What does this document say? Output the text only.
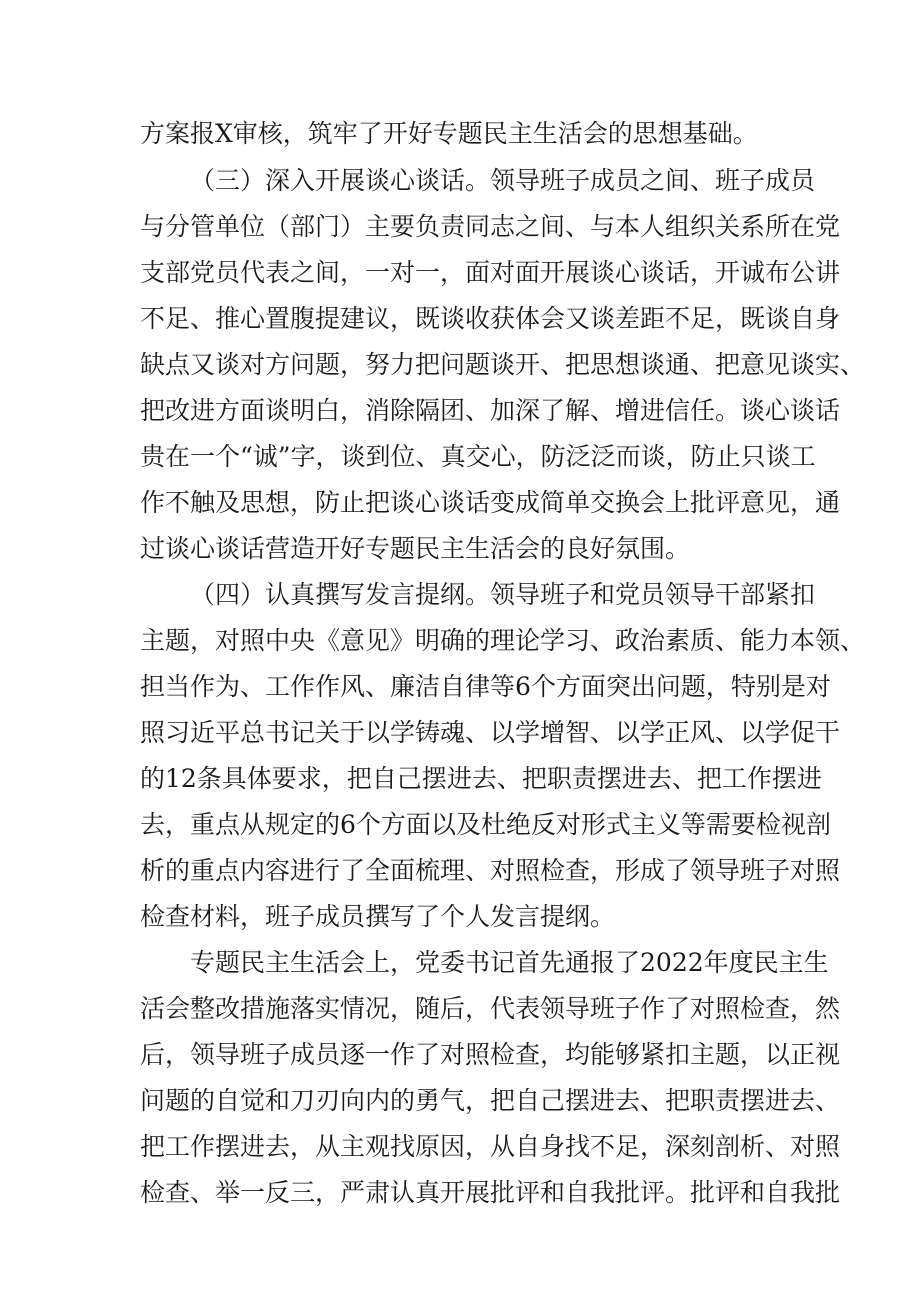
方案报X审核，筑牢了开好专题民主生活会的思想基础。
（三）深入开展谈心谈话。领导班子成员之间、班子成员
与分管单位（部门）主要负责同志之间、与本人组织关系所在党
支部党员代表之间，一对一，面对面开展谈心谈话，开诚布公讲
不足、推心置腹提建议，既谈收获体会又谈差距不足，既谈自身
缺点又谈对方问题，努力把问题谈开、把思想谈通、把意见谈实、
把改进方面谈明白，消除隔团、加深了解、增进信任。谈心谈话
贵在一个“诚”字，谈到位、真交心，防泛泛而谈，防止只谈工
作不触及思想，防止把谈心谈话变成简单交换会上批评意见，通
过谈心谈话营造开好专题民主生活会的良好氛围。
（四）认真撰写发言提纲。领导班子和党员领导干部紧扣
主题，对照中央《意见》明确的理论学习、政治素质、能力本领、
担当作为、工作作风、廉洁自律等6个方面突出问题，特别是对
照习近平总书记关于以学铸魂、以学增智、以学正风、以学促干
的12条具体要求，把自己摆进去、把职责摆进去、把工作摆进
去，重点从规定的6个方面以及杜绝反对形式主义等需要检视剖
析的重点内容进行了全面梳理、对照检查，形成了领导班子对照
检查材料，班子成员撰写了个人发言提纲。
专题民主生活会上，党委书记首先通报了2022年度民主生
活会整改措施落实情况，随后，代表领导班子作了对照检查，然
后，领导班子成员逐一作了对照检查，均能够紧扣主题，以正视
问题的自觉和刀刃向内的勇气，把自己摆进去、把职责摆进去、
把工作摆进去，从主观找原因，从自身找不足，深刻剖析、对照
检查、举一反三，严肃认真开展批评和自我批评。批评和自我批
